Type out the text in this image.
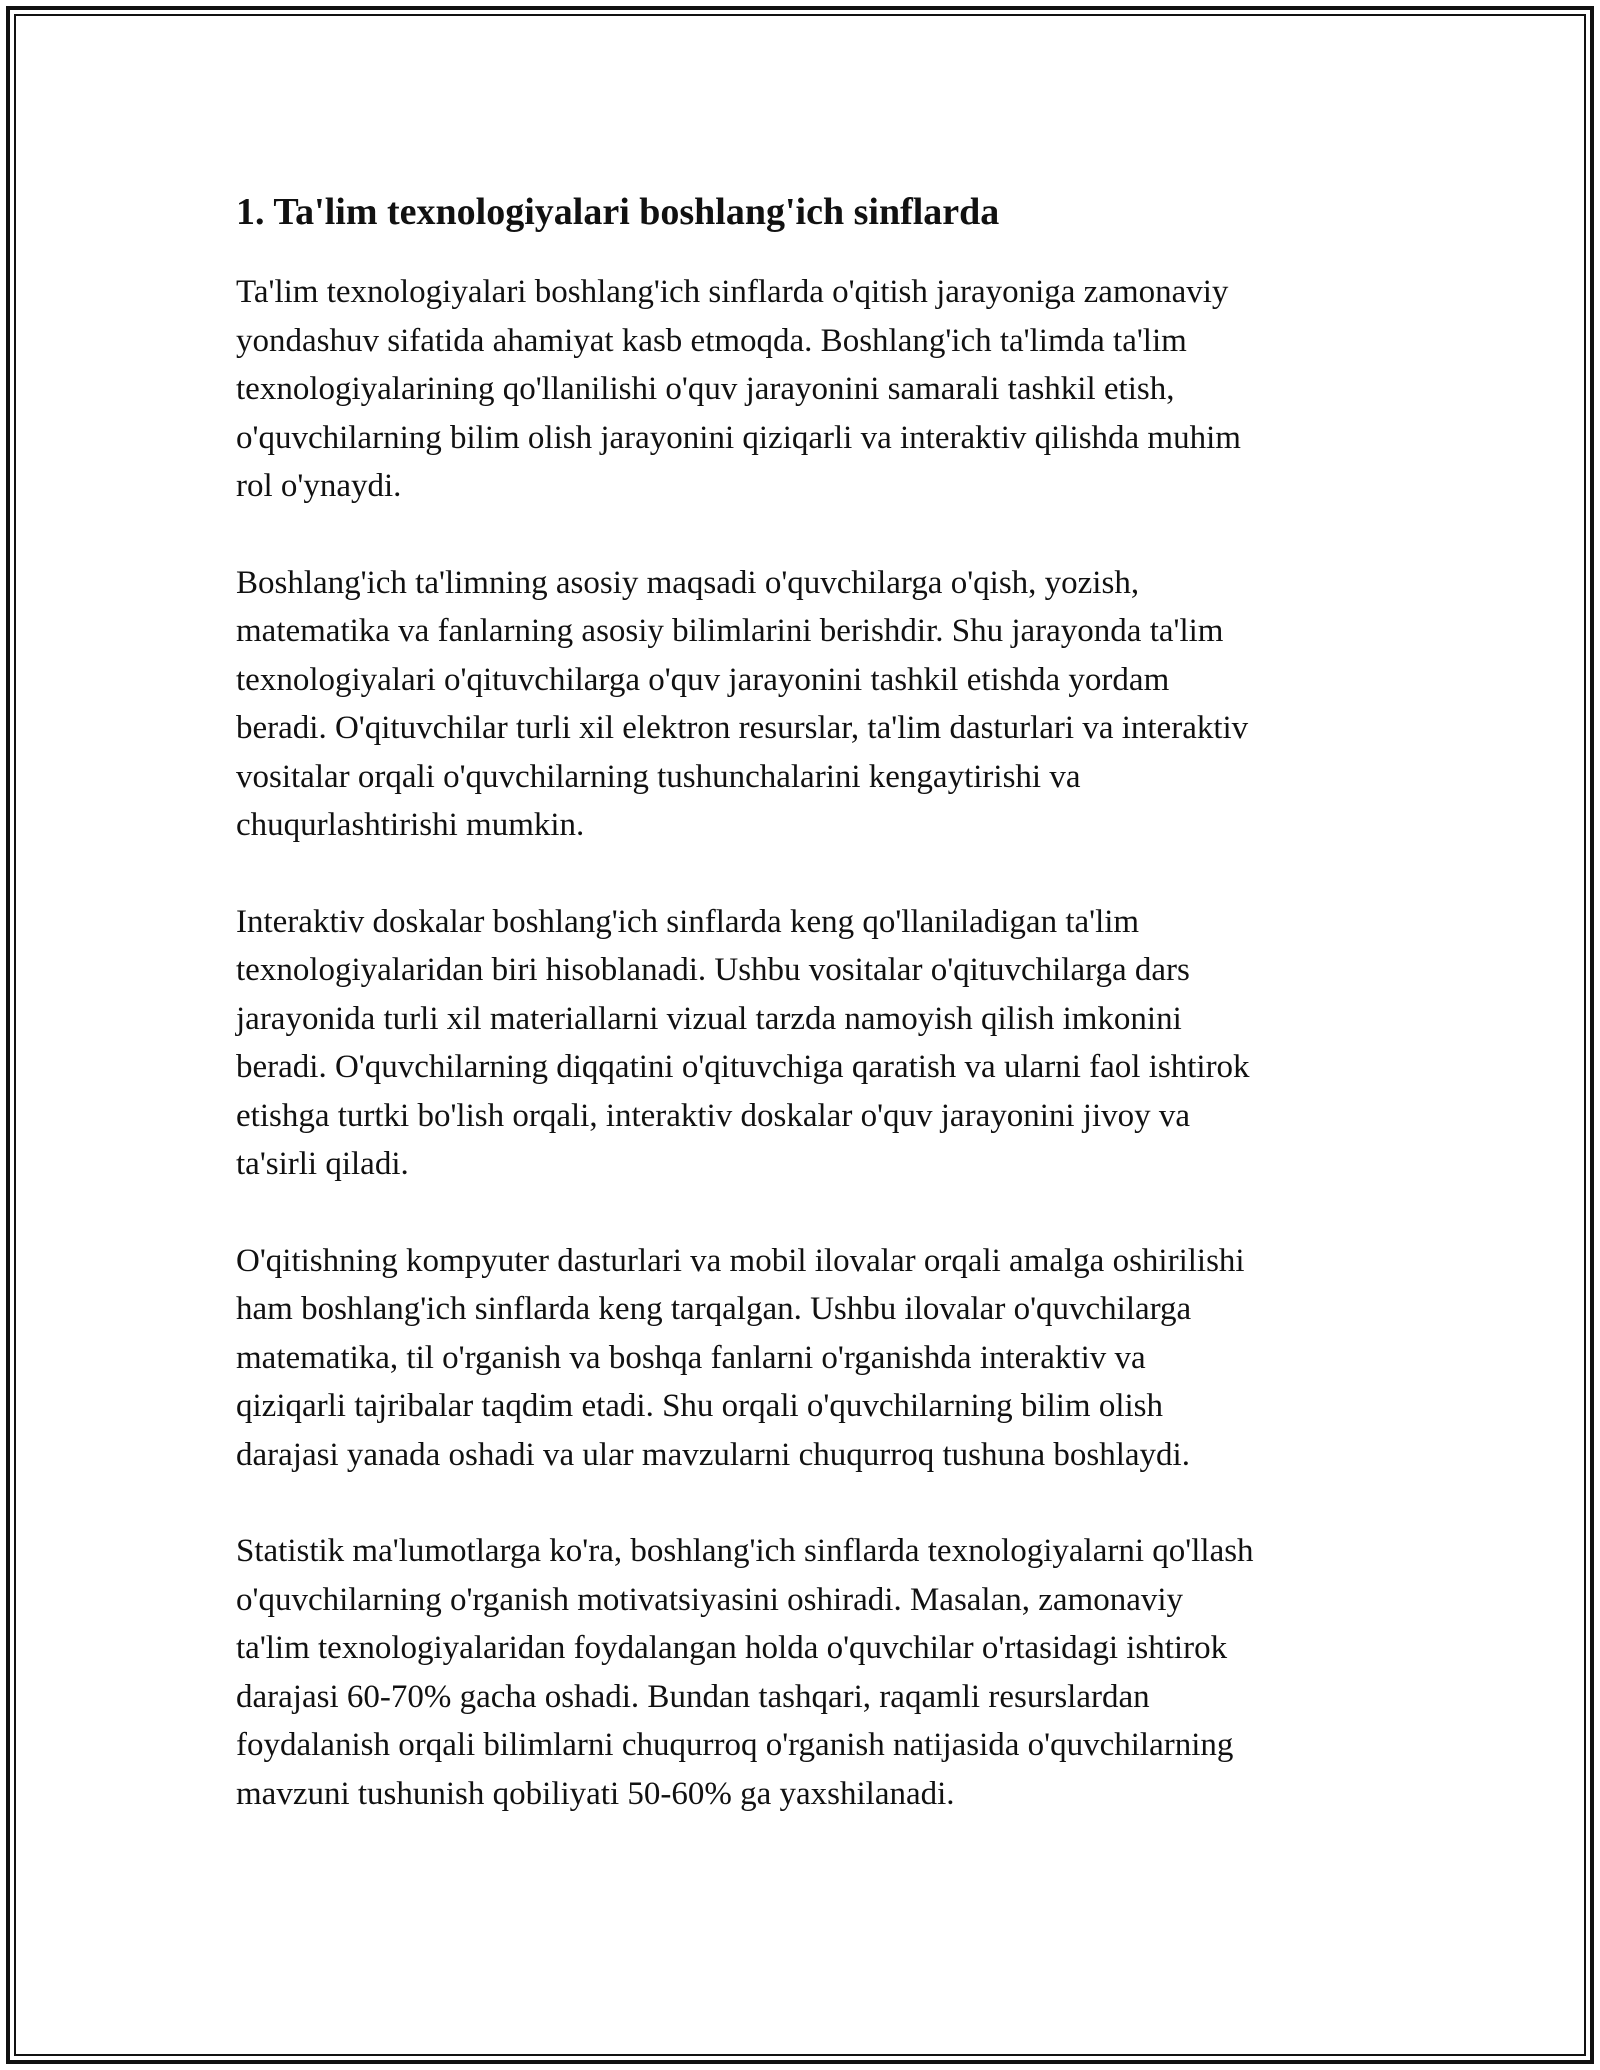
1. Ta'lim texnologiyalari boshlang'ich sinflarda

Ta'lim texnologiyalari boshlang'ich sinflarda o'qitish jarayoniga zamonaviy
yondashuv sifatida ahamiyat kasb etmoqda. Boshlang'ich ta'limda ta'lim
texnologiyalarining qo'llanilishi o'quv jarayonini samarali tashkil etish,
o'quvchilarning bilim olish jarayonini qiziqarli va interaktiv qilishda muhim
rol o'ynaydi.

Boshlang'ich ta'limning asosiy maqsadi o'quvchilarga o'qish, yozish,
matematika va fanlarning asosiy bilimlarini berishdir. Shu jarayonda ta'lim
texnologiyalari o'qituvchilarga o'quv jarayonini tashkil etishda yordam
beradi. O'qituvchilar turli xil elektron resurslar, ta'lim dasturlari va interaktiv
vositalar orqali o'quvchilarning tushunchalarini kengaytirishi va
chuqurlashtirishi mumkin.

Interaktiv doskalar boshlang'ich sinflarda keng qo'llaniladigan ta'lim
texnologiyalaridan biri hisoblanadi. Ushbu vositalar o'qituvchilarga dars
jarayonida turli xil materiallarni vizual tarzda namoyish qilish imkonini
beradi. O'quvchilarning diqqatini o'qituvchiga qaratish va ularni faol ishtirok
etishga turtki bo'lish orqali, interaktiv doskalar o'quv jarayonini jivoy va
ta'sirli qiladi.

O'qitishning kompyuter dasturlari va mobil ilovalar orqali amalga oshirilishi
ham boshlang'ich sinflarda keng tarqalgan. Ushbu ilovalar o'quvchilarga
matematika, til o'rganish va boshqa fanlarni o'rganishda interaktiv va
qiziqarli tajribalar taqdim etadi. Shu orqali o'quvchilarning bilim olish
darajasi yanada oshadi va ular mavzularni chuqurroq tushuna boshlaydi.

Statistik ma'lumotlarga ko'ra, boshlang'ich sinflarda texnologiyalarni qo'llash
o'quvchilarning o'rganish motivatsiyasini oshiradi. Masalan, zamonaviy
ta'lim texnologiyalaridan foydalangan holda o'quvchilar o'rtasidagi ishtirok
darajasi 60-70% gacha oshadi. Bundan tashqari, raqamli resurslardan
foydalanish orqali bilimlarni chuqurroq o'rganish natijasida o'quvchilarning
mavzuni tushunish qobiliyati 50-60% ga yaxshilanadi.
